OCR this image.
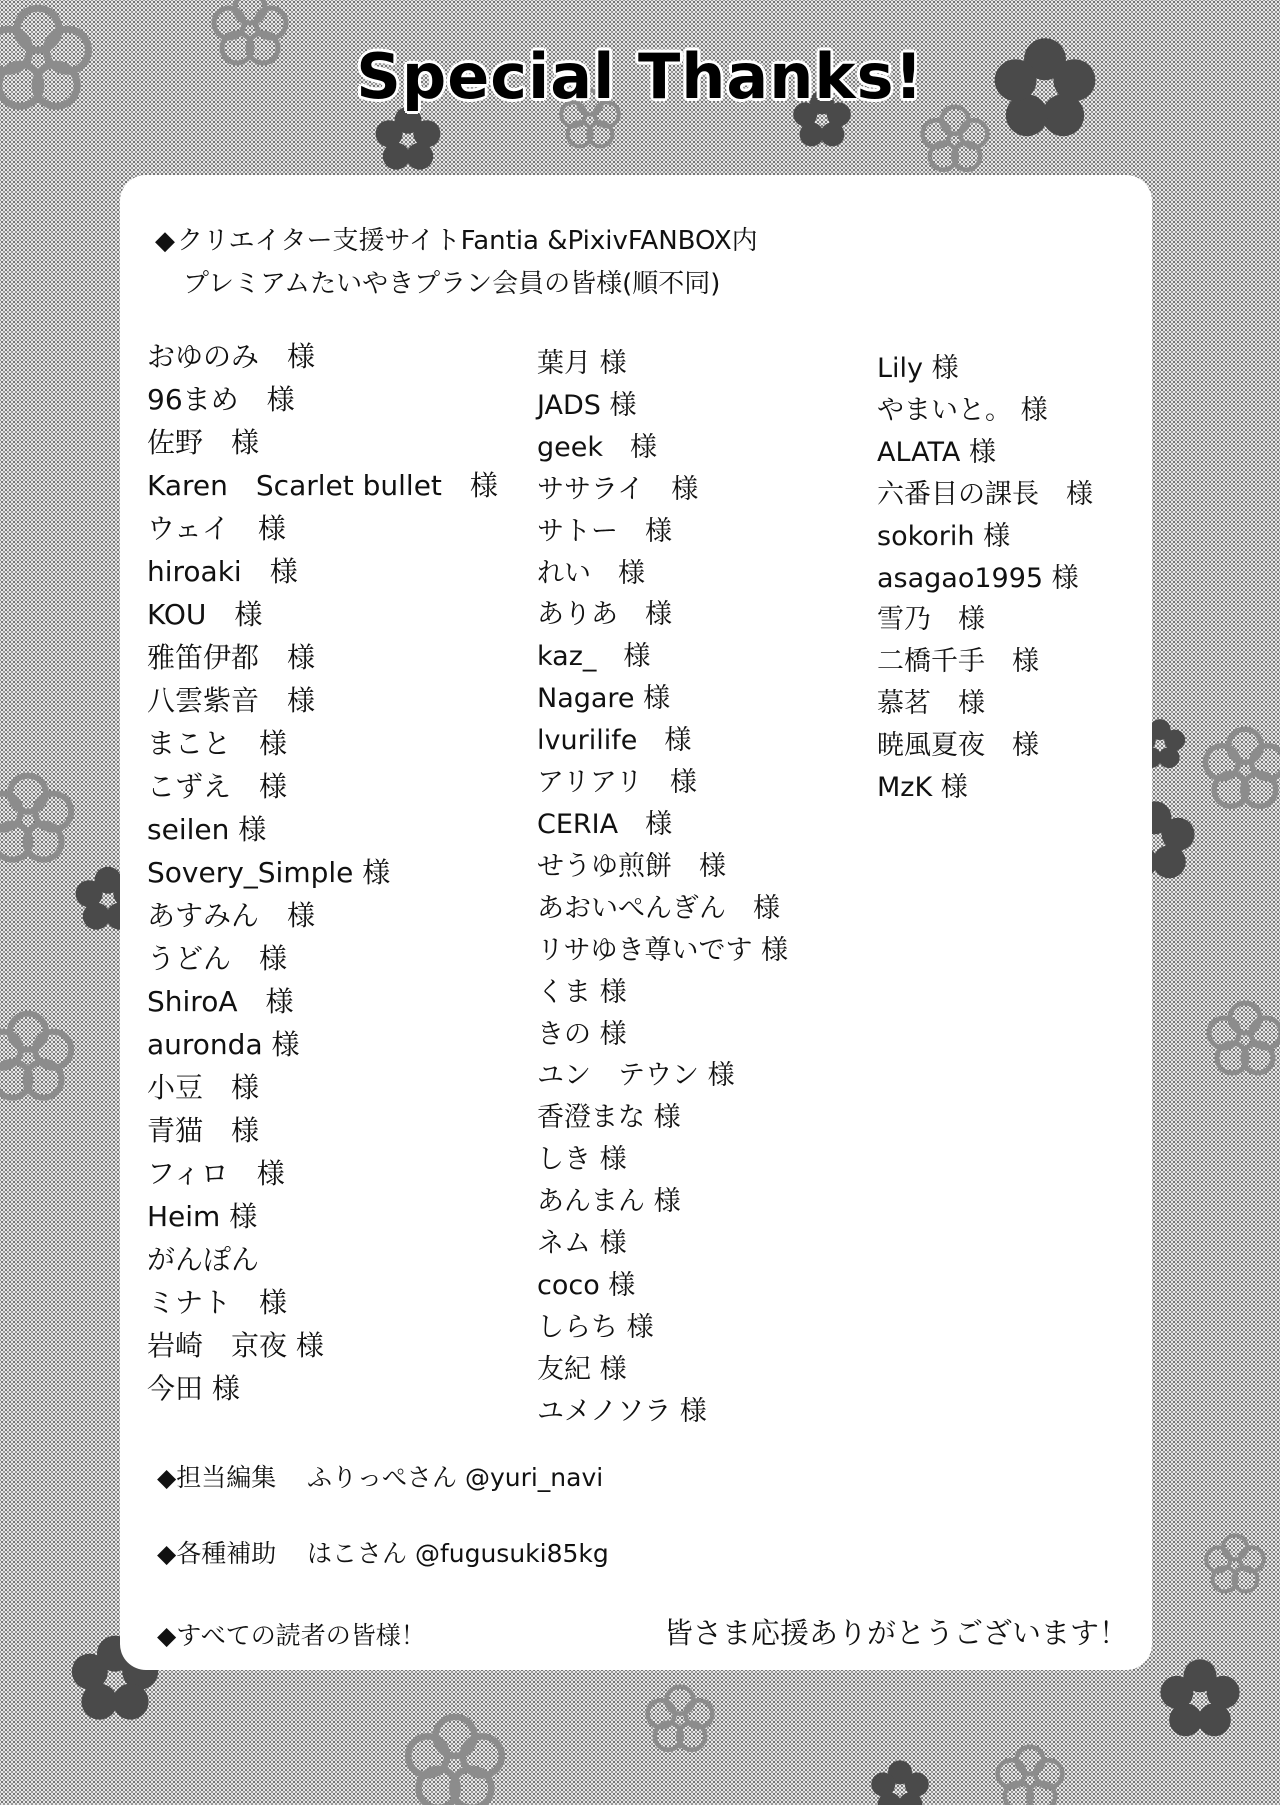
Special Thanks!
◆クリエイター支援サイトFantia &PixivFANBOX内
プレミアムたいやきプラン会員の皆様(順不同)
おゆのみ　様
96まめ　様
佐野　様
Karen　Scarlet bullet　様
ウェイ　様
hiroaki　様
KOU　様
雅笛伊都　様
八雲紫音　様
まこと　様
こずえ　様
seilen 様
Sovery_Simple 様
あすみん　様
うどん　様
ShiroA　様
auronda 様
小豆　様
青猫　様
フィロ　様
Heim 様
がんぽん
ミナト　様
岩崎　京夜 様
今田 様
葉月 様
JADS 様
geek　様
ササライ　様
サトー　様
れい　様
ありあ　様
kaz_　様
Nagare 様
lvurilife　様
アリアリ　様
CERIA　様
せうゆ煎餅　様
あおいぺんぎん　様
リサゆき尊いです 様
くま 様
きの 様
ユン　テウン 様
香澄まな 様
しき 様
あんまん 様
ネム 様
coco 様
しらち 様
友紀 様
ユメノソラ 様
Lily 様
やまいと。 様
ALATA 様
六番目の課長　様
sokorih 様
asagao1995 様
雪乃　様
二橋千手　様
慕茗　様
暁風夏夜　様
MzK 様
◆担当編集 ふりっぺさん @yuri_navi
◆各種補助 はこさん @fugusuki85kg
◆すべての読者の皆様！	皆さま応援ありがとうございます！
